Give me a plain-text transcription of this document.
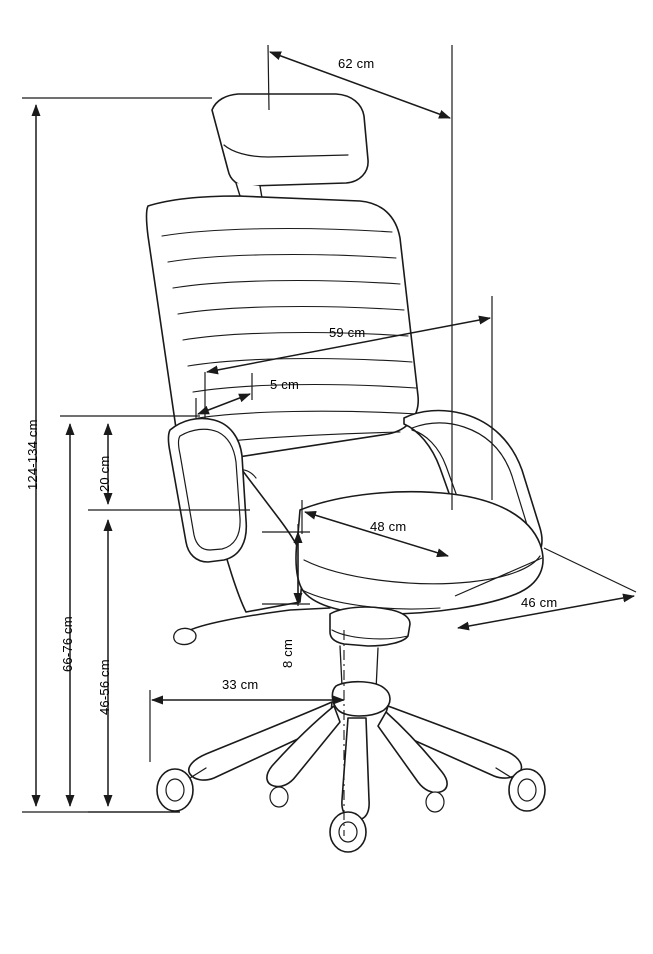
62 cm
59 cm
5 cm
48 cm
46 cm
33 cm
8 cm
20 cm
124-134 cm
66-76 cm
46-56 cm
